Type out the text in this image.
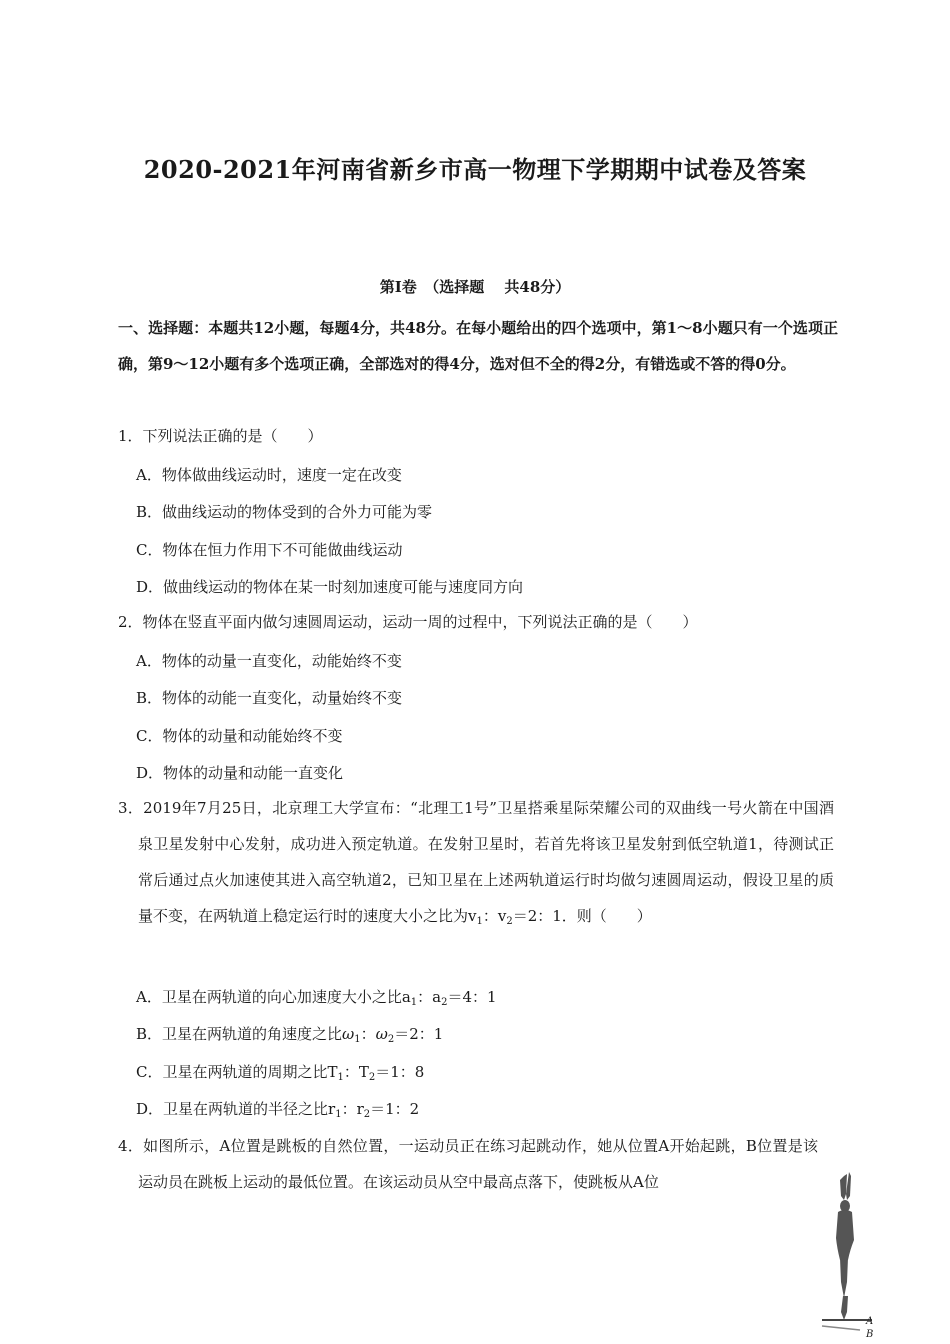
2020-2021年河南省新乡市高一物理下学期期中试卷及答案
第Ⅰ卷　（选择题　 共48分）
一、选择题：本题共12小题，每题4分，共48分。在每小题给出的四个选项中，第1～8小题只有一个选项正确，第9～12小题有多个选项正确，全部选对的得4分，选对但不全的得2分，有错选或不答的得0分。
1．下列说法正确的是（　　）
A．物体做曲线运动时，速度一定在改变
B．做曲线运动的物体受到的合外力可能为零
C．物体在恒力作用下不可能做曲线运动
D．做曲线运动的物体在某一时刻加速度可能与速度同方向
2．物体在竖直平面内做匀速圆周运动，运动一周的过程中，下列说法正确的是（　　）
A．物体的动量一直变化，动能始终不变
B．物体的动能一直变化，动量始终不变
C．物体的动量和动能始终不变
D．物体的动量和动能一直变化
3．2019年7月25日，北京理工大学宣布：“北理工1号”卫星搭乘星际荣耀公司的双曲线一号火箭在中国酒泉卫星发射中心发射，成功进入预定轨道。在发射卫星时，若首先将该卫星发射到低空轨道1，待测试正常后通过点火加速使其进入高空轨道2，已知卫星在上述两轨道运行时均做匀速圆周运动，假设卫星的质量不变，在两轨道上稳定运行时的速度大小之比为$v_1$：$v_2=2$：1．则（　　）
A．卫星在两轨道的向心加速度大小之比$a_1$：$a_2=4$：1
B．卫星在两轨道的角速度之比$\omega_1$：$\omega_2=2$：1
C．卫星在两轨道的周期之比$T_1$：$T_2=1$：8
D．卫星在两轨道的半径之比$r_1$：$r_2=1$：2
4．如图所示，A位置是跳板的自然位置，一运动员正在练习起跳动作，她从位置A开始起跳，B位置是该运动员在跳板上运动的最低位置。在该运动员从空中最高点落下，使跳板从A位
A
B
